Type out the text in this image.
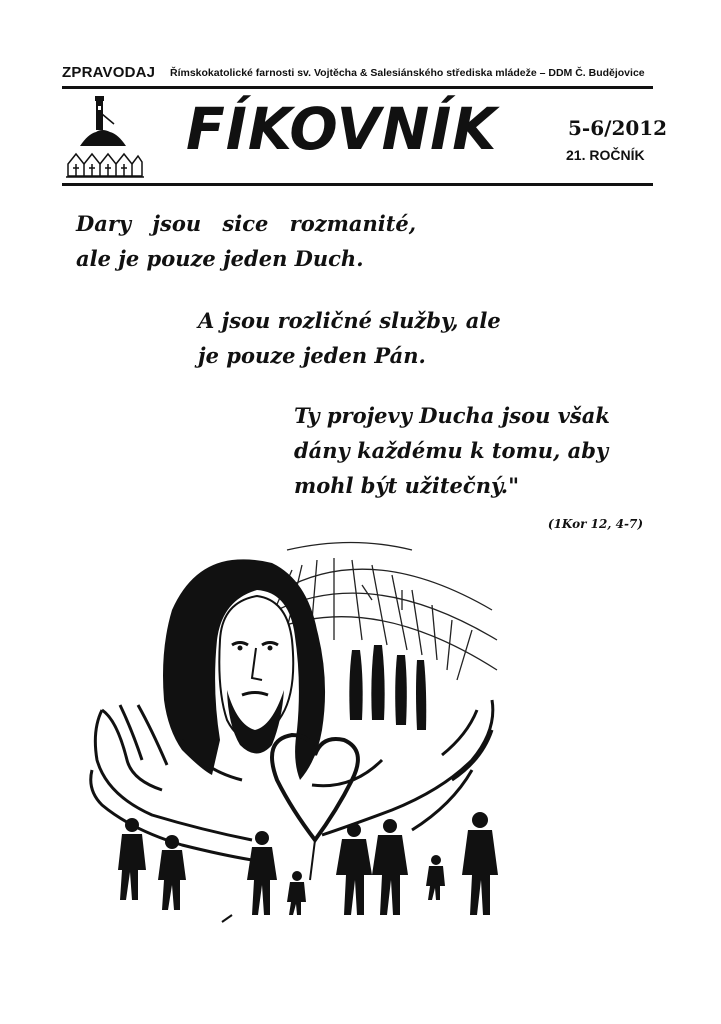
ZPRAVODAJ Římskokatolické farnosti sv. Vojtěcha & Salesiánského střediska mládeže – DDM Č. Budějovice
FÍKOVNÍK	5-6/2012
21. ROČNÍK
Dary jsou sice rozmanité,
ale je pouze jeden Duch.
A jsou rozličné služby, ale
je pouze jeden Pán.
Ty projevy Ducha jsou však
dány každému k tomu, aby
mohl být užitečný."
(1Kor 12, 4-7)
